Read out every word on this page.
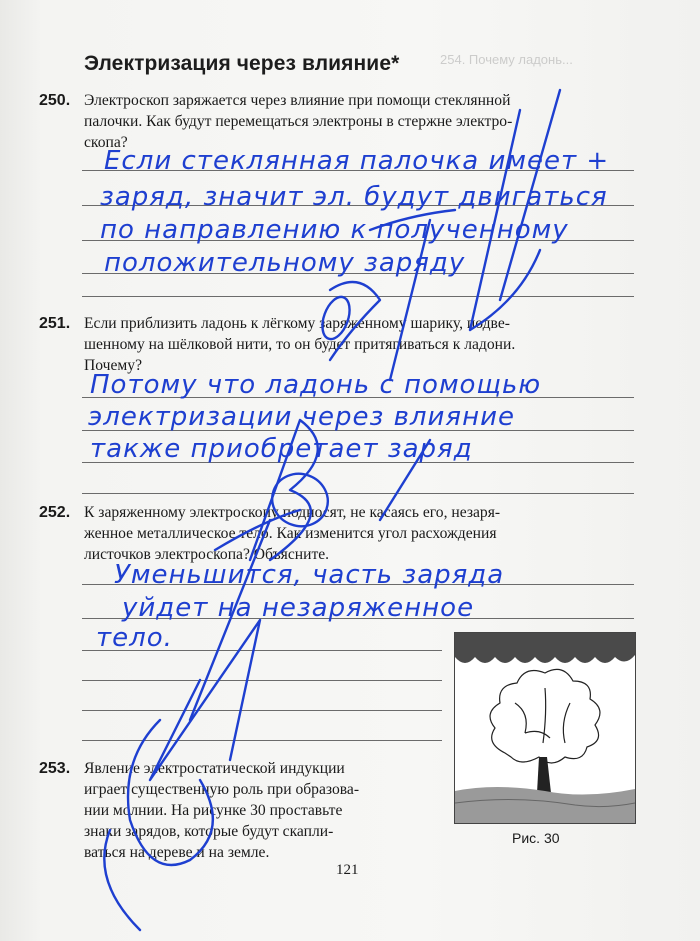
254. Почему ладонь...
Электризация через влияние*
250. Электроскоп заряжается через влияние при помощи стеклянной
палочки. Как будут перемещаться электроны в стержне электро-
скопа?
Если стеклянная палочка имеет +
заряд, значит эл. будут двигаться
по направлению к полученному
положительному заряду
251. Если приблизить ладонь к лёгкому заряженному шарику, подве-
шенному на шёлковой нити, то он будет притягиваться к ладони.
Почему?
Потому что ладонь с помощью
электризации через влияние
также приобретает заряд
252. К заряженному электроскопу подносят, не касаясь его, незаря-
женное металлическое тело. Как изменится угол расхождения
листочков электроскопа? Объясните.
Уменьшится, часть заряда
уйдет на незаряженное
тело.
253. Явление электростатической индукции
играет существенную роль при образова-
нии молнии. На рисунке 30 проставьте
знаки зарядов, которые будут скапли-
ваться на дереве и на земле.
Рис. 30
121
